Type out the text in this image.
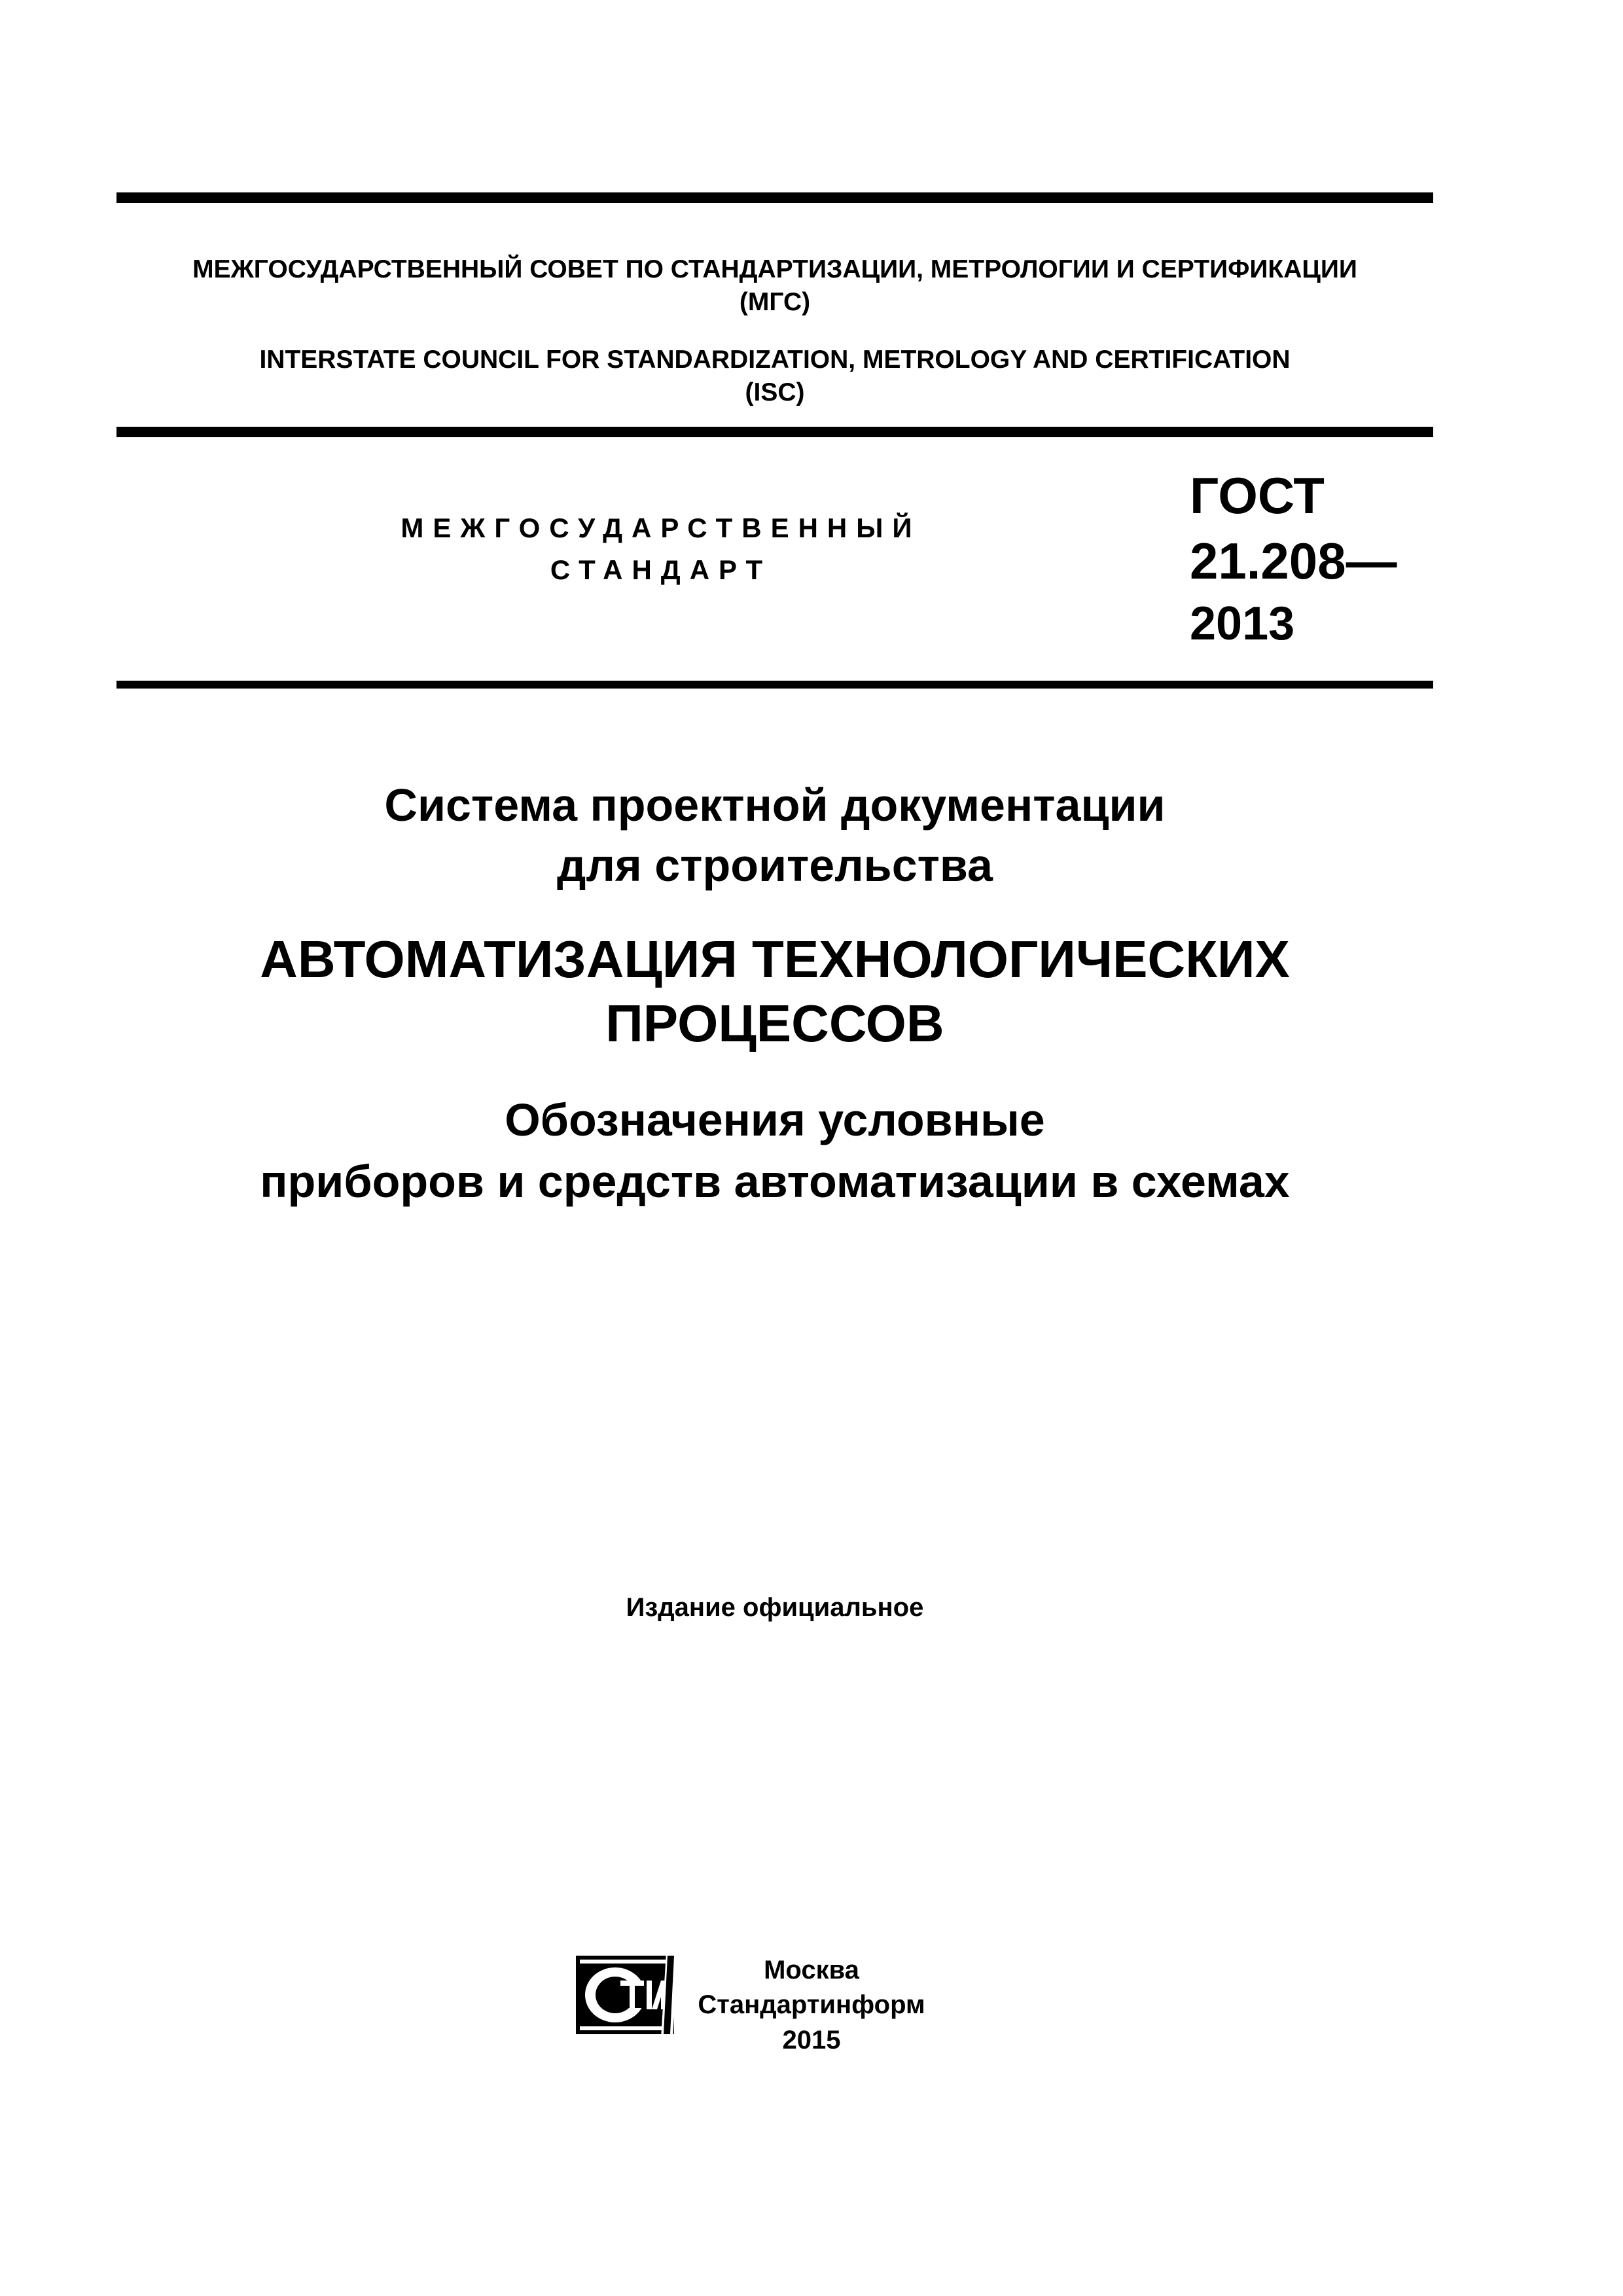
МЕЖГОСУДАРСТВЕННЫЙ СОВЕТ ПО СТАНДАРТИЗАЦИИ, МЕТРОЛОГИИ И СЕРТИФИКАЦИИ
(МГС)
INTERSTATE COUNCIL FOR STANDARDIZATION, METROLOGY AND CERTIFICATION
(ISC)
МЕЖГОСУДАРСТВЕННЫЙ
СТАНДАРТ
ГОСТ
21.208—
2013
Система проектной документации
для строительства
АВТОМАТИЗАЦИЯ ТЕХНОЛОГИЧЕСКИХ
ПРОЦЕССОВ
Обозначения условные
приборов и средств автоматизации в схемах
Издание официальное
Москва
Стандартинформ
2015
